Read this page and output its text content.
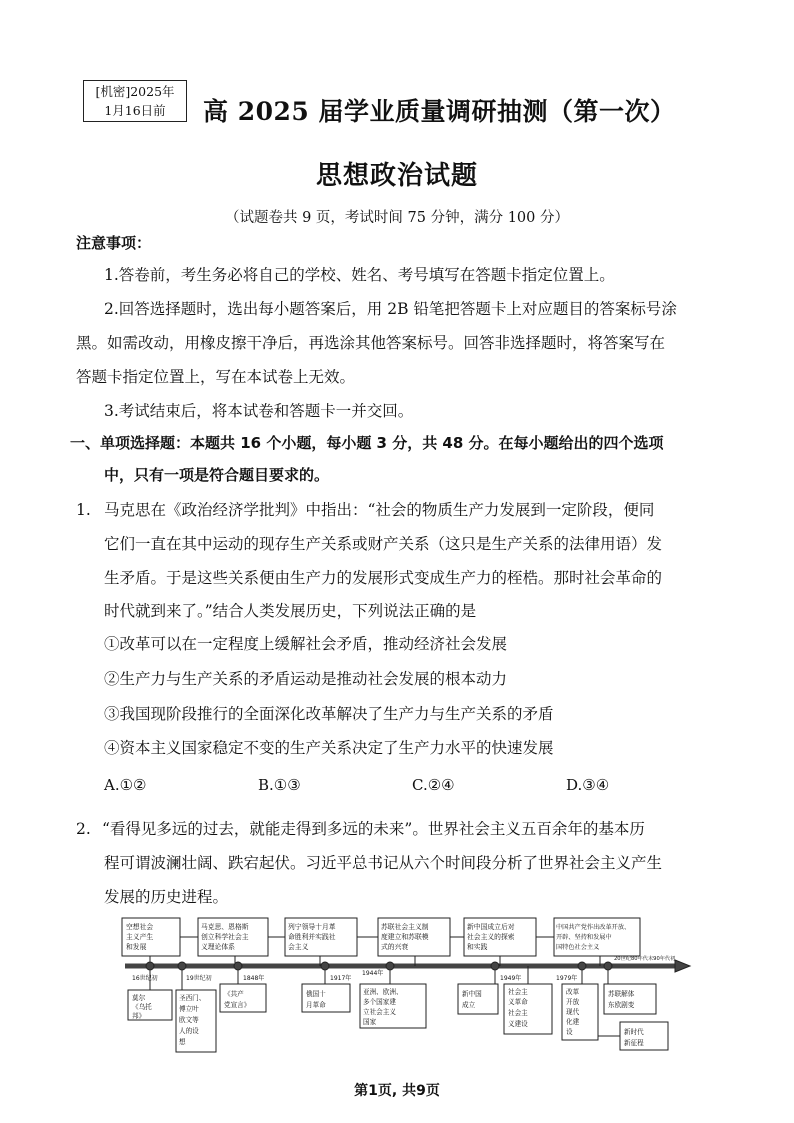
[机密]2025年
1月16日前	高 2025 届学业质量调研抽测（第一次）
思想政治试题
（试题卷共 9 页，考试时间 75 分钟，满分 100 分）
注意事项：
1.答卷前，考生务必将自己的学校、姓名、考号填写在答题卡指定位置上。
2.回答选择题时，选出每小题答案后，用 2B 铅笔把答题卡上对应题目的答案标号涂
黑。如需改动，用橡皮擦干净后，再选涂其他答案标号。回答非选择题时，将答案写在
答题卡指定位置上，写在本试卷上无效。
3.考试结束后，将本试卷和答题卡一并交回。
一、单项选择题：本题共 16 个小题，每小题 3 分，共 48 分。在每小题给出的四个选项
中，只有一项是符合题目要求的。
1. 马克思在《政治经济学批判》中指出：“社会的物质生产力发展到一定阶段，便同
它们一直在其中运动的现存生产关系或财产关系（这只是生产关系的法律用语）发
生矛盾。于是这些关系便由生产力的发展形式变成生产力的桎梏。那时社会革命的
时代就到来了。”结合人类发展历史，下列说法正确的是
①改革可以在一定程度上缓解社会矛盾，推动经济社会发展
②生产力与生产关系的矛盾运动是推动社会发展的根本动力
③我国现阶段推行的全面深化改革解决了生产力与生产关系的矛盾
④资本主义国家稳定不变的生产关系决定了生产力水平的快速发展
A.①②	B.①③	C.②④	D.③④
2. “看得见多远的过去，就能走得到多远的未来”。世界社会主义五百余年的基本历
程可谓波澜壮阔、跌宕起伏。习近平总书记从六个时间段分析了世界社会主义产生
发展的历史进程。
空想社会
主义产生
和发展
马克思、恩格斯
创立科学社会主
义理论体系
列宁领导十月革
命胜利并实践社
会主义
苏联社会主义制
度建立和苏联模
式的兴衰
新中国成立后对
社会主义的探索
和实践
中国共产党作出改革开放、
开辟、坚持和发展中
国特色社会主义
16世纪初	19世纪初	1848年	1917年
1944年
1949年	1979年
20世纪80年代末90年代初
莫尔
《乌托
邦》
圣西门、
傅立叶
欧文等
人的设
想
《共产
党宣言》
俄国十
月革命
亚洲、欧洲、
多个国家建
立社会主义
国家
新中国
成立
社会主
义革命
社会主
义建设
改革
开放
现代
化建
设
苏联解体
东欧剧变
新时代
新征程
第1页, 共9页
